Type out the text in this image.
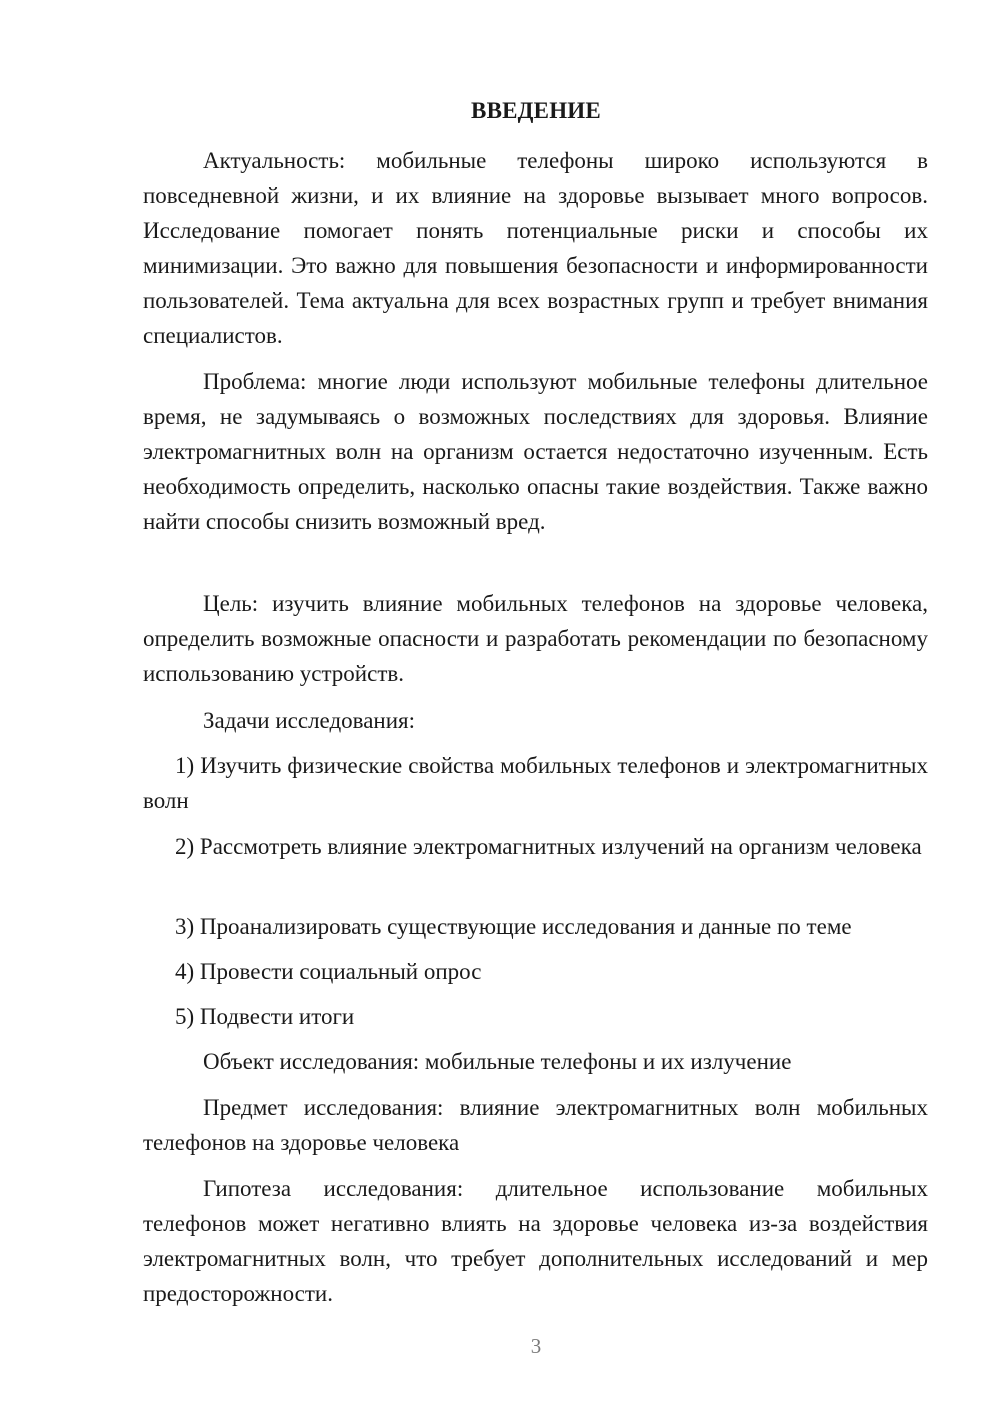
ВВЕДЕНИЕ

Актуальность: мобильные телефоны широко используются в повседневной жизни, и их влияние на здоровье вызывает много вопросов. Исследование помогает понять потенциальные риски и способы их минимизации. Это важно для повышения безопасности и информированности пользователей. Тема актуальна для всех возрастных групп и требует внимания специалистов.

Проблема: многие люди используют мобильные телефоны длительное время, не задумываясь о возможных последствиях для здоровья. Влияние электромагнитных волн на организм остается недостаточно изученным. Есть необходимость определить, насколько опасны такие воздействия. Также важно найти способы снизить возможный вред.

Цель: изучить влияние мобильных телефонов на здоровье человека, определить возможные опасности и разработать рекомендации по безопасному использованию устройств.

Задачи исследования:

1) Изучить физические свойства мобильных телефонов и электромагнитных волн

2) Рассмотреть влияние электромагнитных излучений на организм человека

3) Проанализировать существующие исследования и данные по теме

4) Провести социальный опрос

5) Подвести итоги

Объект исследования: мобильные телефоны и их излучение

Предмет исследования: влияние электромагнитных волн мобильных телефонов на здоровье человека

Гипотеза исследования: длительное использование мобильных телефонов может негативно влиять на здоровье человека из-за воздействия электромагнитных волн, что требует дополнительных исследований и мер предосторожности.

3
